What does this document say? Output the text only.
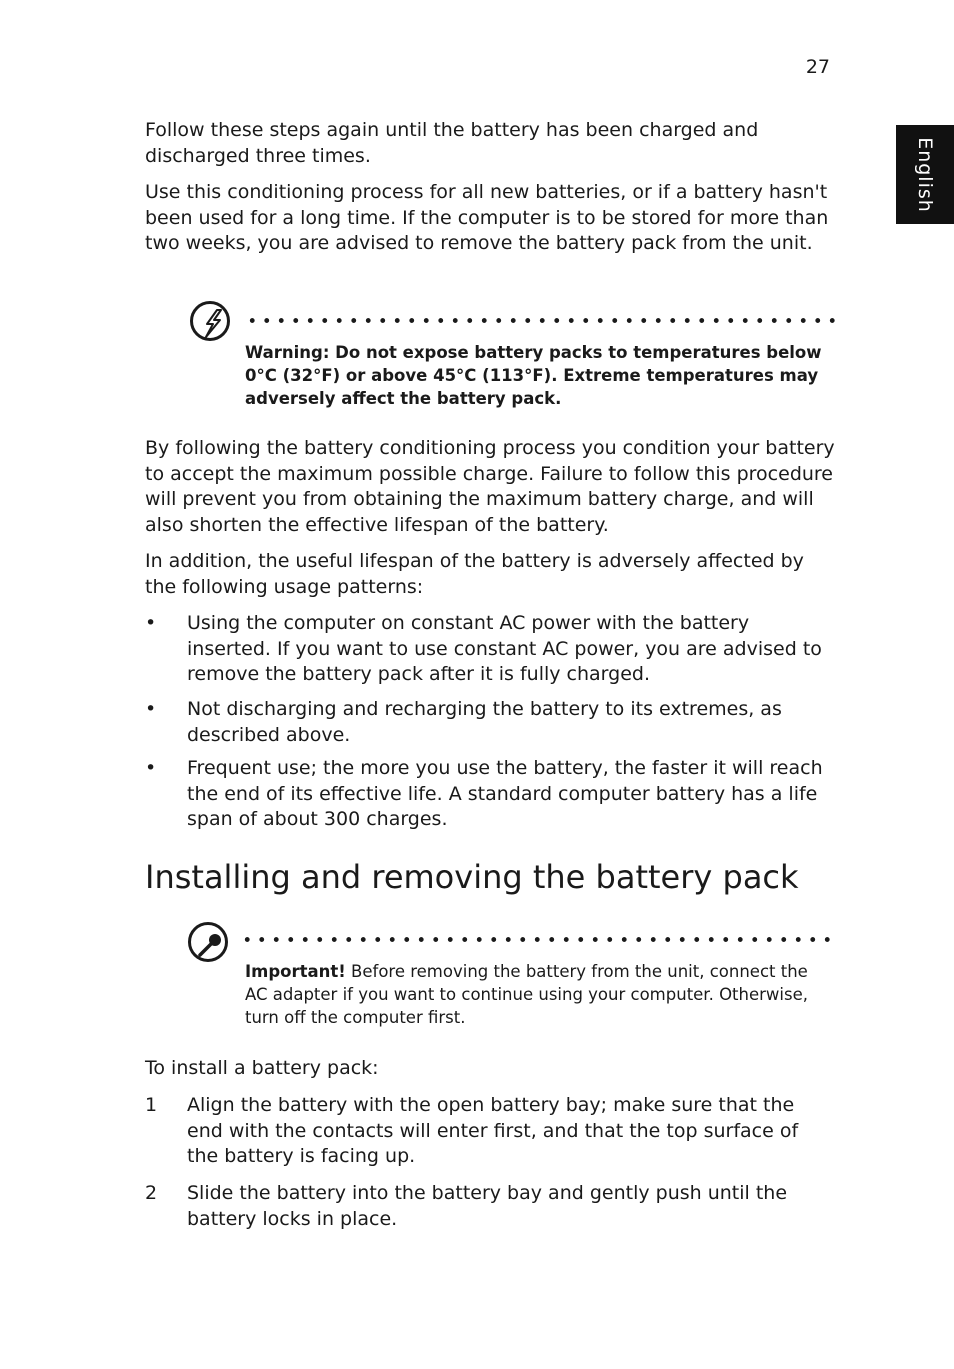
27
English

Follow these steps again until the battery has been charged and discharged three times.

Use this conditioning process for all new batteries, or if a battery hasn't been used for a long time. If the computer is to be stored for more than two weeks, you are advised to remove the battery pack from the unit.

Warning: Do not expose battery packs to temperatures below 0°C (32°F) or above 45°C (113°F). Extreme temperatures may adversely affect the battery pack.

By following the battery conditioning process you condition your battery to accept the maximum possible charge. Failure to follow this procedure will prevent you from obtaining the maximum battery charge, and will also shorten the effective lifespan of the battery.

In addition, the useful lifespan of the battery is adversely affected by the following usage patterns:

• Using the computer on constant AC power with the battery inserted. If you want to use constant AC power, you are advised to remove the battery pack after it is fully charged.

• Not discharging and recharging the battery to its extremes, as described above.

• Frequent use; the more you use the battery, the faster it will reach the end of its effective life. A standard computer battery has a life span of about 300 charges.

Installing and removing the battery pack

Important! Before removing the battery from the unit, connect the AC adapter if you want to continue using your computer. Otherwise, turn off the computer first.

To install a battery pack:

1 Align the battery with the open battery bay; make sure that the end with the contacts will enter first, and that the top surface of the battery is facing up.

2 Slide the battery into the battery bay and gently push until the battery locks in place.
